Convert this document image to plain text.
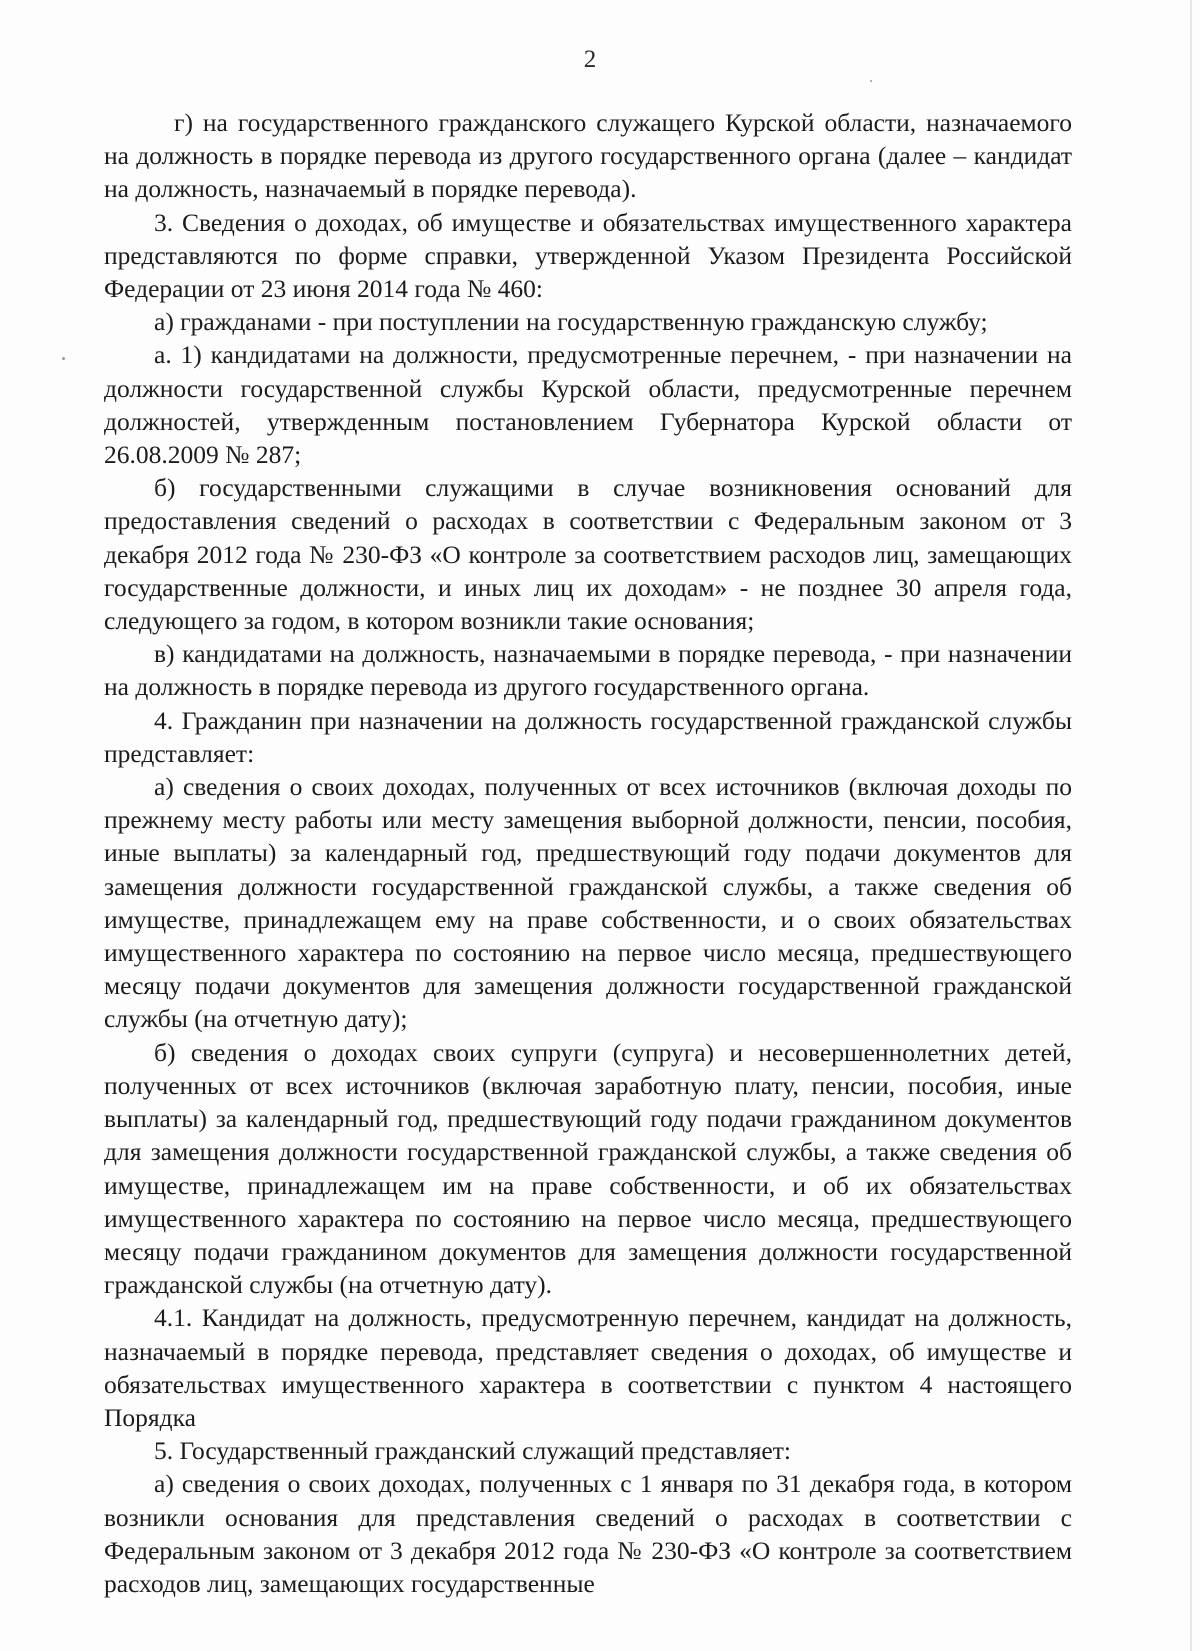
2

г) на государственного гражданского служащего Курской области, назначаемого на должность в порядке перевода из другого государственного органа (далее – кандидат на должность, назначаемый в порядке перевода).

3. Сведения о доходах, об имуществе и обязательствах имущественного характера представляются по форме справки, утвержденной Указом Президента Российской Федерации от 23 июня 2014 года № 460:

а) гражданами - при поступлении на государственную гражданскую службу;

а. 1) кандидатами на должности, предусмотренные перечнем, - при назначении на должности государственной службы Курской области, предусмотренные перечнем должностей, утвержденным постановлением Губернатора Курской области от 26.08.2009 № 287;

б) государственными служащими в случае возникновения оснований для предоставления сведений о расходах в соответствии с Федеральным законом от 3 декабря 2012 года № 230-ФЗ «О контроле за соответствием расходов лиц, замещающих государственные должности, и иных лиц их доходам» - не позднее 30 апреля года, следующего за годом, в котором возникли такие основания;

в) кандидатами на должность, назначаемыми в порядке перевода, - при назначении на должность в порядке перевода из другого государственного органа.

4. Гражданин при назначении на должность государственной гражданской службы представляет:

а) сведения о своих доходах, полученных от всех источников (включая доходы по прежнему месту работы или месту замещения выборной должности, пенсии, пособия, иные выплаты) за календарный год, предшествующий году подачи документов для замещения должности государственной гражданской службы, а также сведения об имуществе, принадлежащем ему на праве собственности, и о своих обязательствах имущественного характера по состоянию на первое число месяца, предшествующего месяцу подачи документов для замещения должности государственной гражданской службы (на отчетную дату);

б) сведения о доходах своих супруги (супруга) и несовершеннолетних детей, полученных от всех источников (включая заработную плату, пенсии, пособия, иные выплаты) за календарный год, предшествующий году подачи гражданином документов для замещения должности государственной гражданской службы, а также сведения об имуществе, принадлежащем им на праве собственности, и об их обязательствах имущественного характера по состоянию на первое число месяца, предшествующего месяцу подачи гражданином документов для замещения должности государственной гражданской службы (на отчетную дату).

4.1. Кандидат на должность, предусмотренную перечнем, кандидат на должность, назначаемый в порядке перевода, представляет сведения о доходах, об имуществе и обязательствах имущественного характера в соответствии с пунктом 4 настоящего Порядка

5. Государственный гражданский служащий представляет:

а) сведения о своих доходах, полученных с 1 января по 31 декабря года, в котором возникли основания для представления сведений о расходах в соответствии с Федеральным законом от 3 декабря 2012 года № 230-ФЗ «О контроле за соответствием расходов лиц, замещающих государственные
